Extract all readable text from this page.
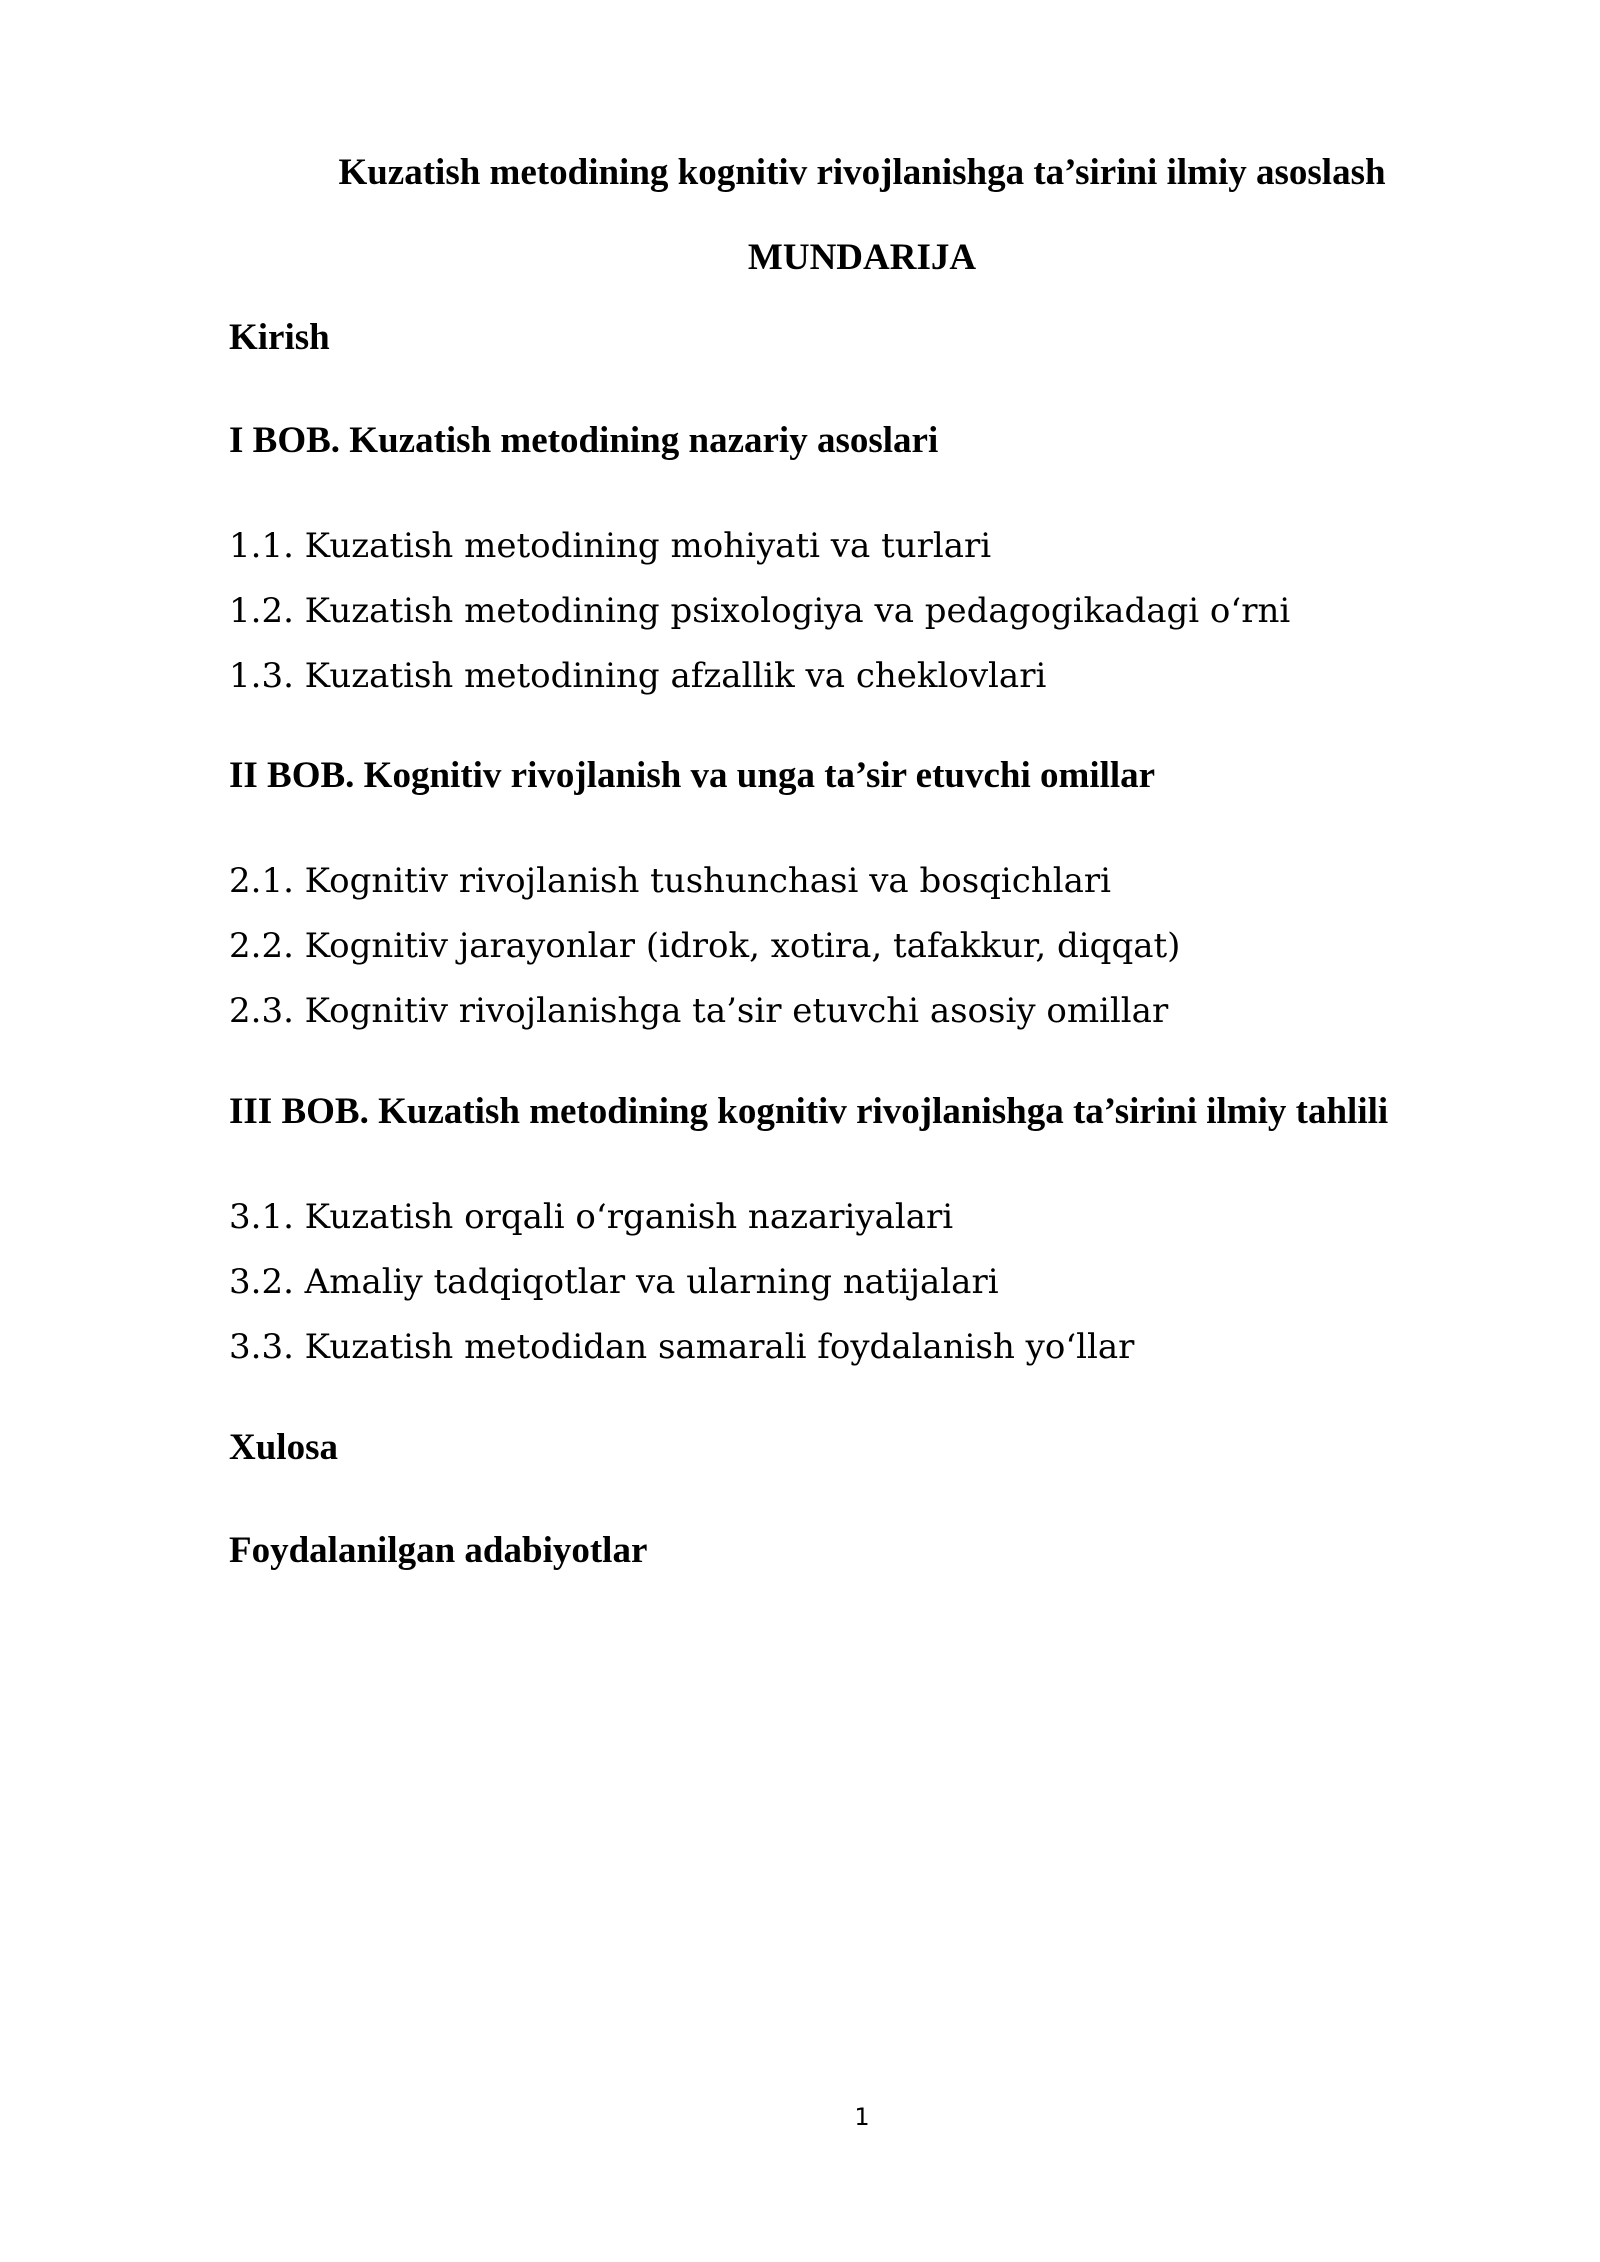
Kuzatish metodining kognitiv rivojlanishga ta’sirini ilmiy asoslash
MUNDARIJA
Kirish
I BOB. Kuzatish metodining nazariy asoslari
1.1. Kuzatish metodining mohiyati va turlari
1.2. Kuzatish metodining psixologiya va pedagogikadagi o‘rni
1.3. Kuzatish metodining afzallik va cheklovlari
II BOB. Kognitiv rivojlanish va unga ta’sir etuvchi omillar
2.1. Kognitiv rivojlanish tushunchasi va bosqichlari
2.2. Kognitiv jarayonlar (idrok, xotira, tafakkur, diqqat)
2.3. Kognitiv rivojlanishga ta’sir etuvchi asosiy omillar
III BOB. Kuzatish metodining kognitiv rivojlanishga ta’sirini ilmiy tahlili
3.1. Kuzatish orqali o‘rganish nazariyalari
3.2. Amaliy tadqiqotlar va ularning natijalari
3.3. Kuzatish metodidan samarali foydalanish yo‘llar
Xulosa
Foydalanilgan adabiyotlar
1
